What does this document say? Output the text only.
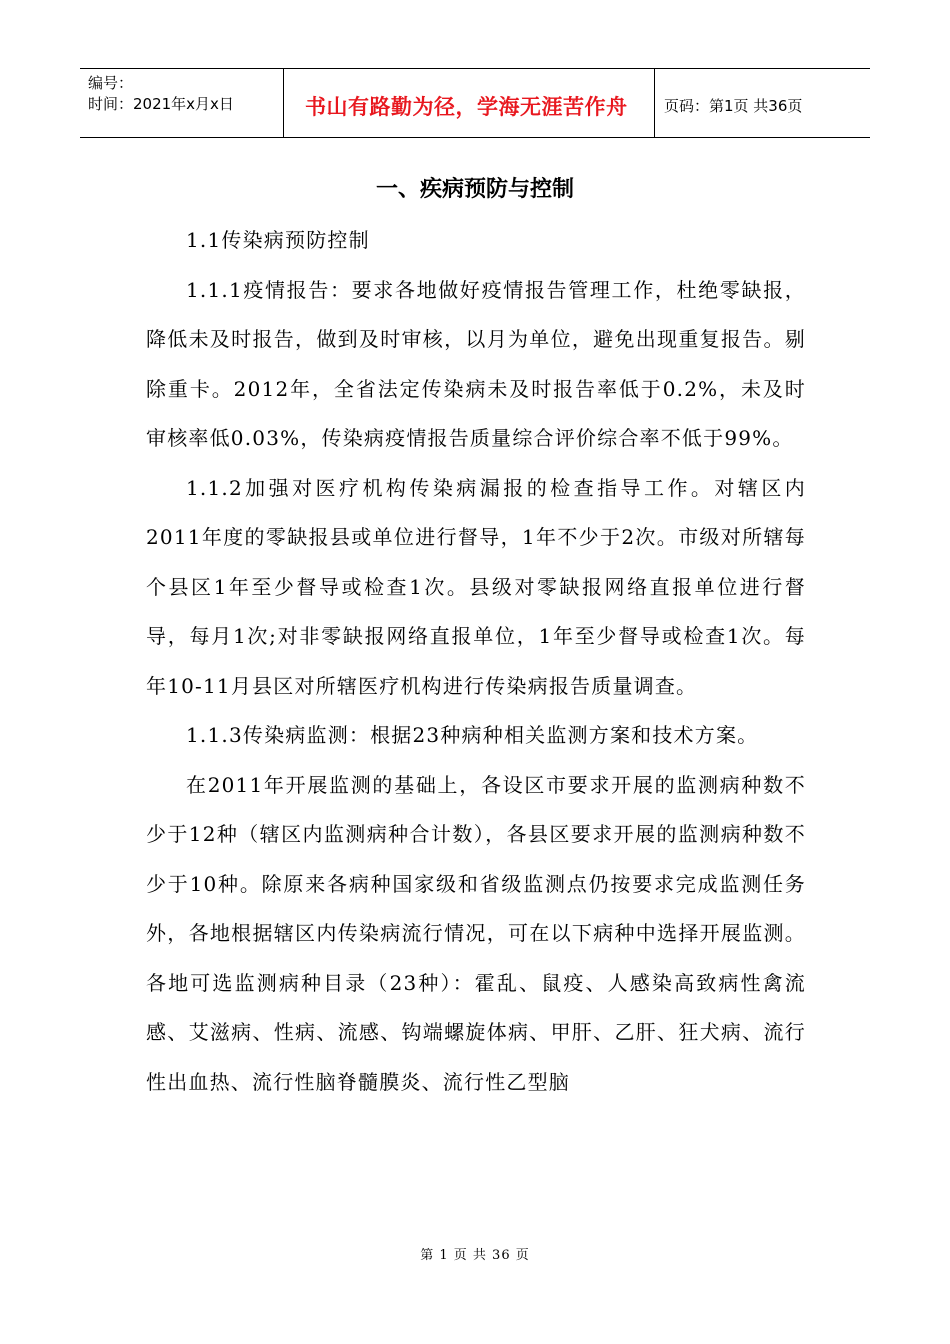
编号：
时间：2021年x月x日	书山有路勤为径，学海无涯苦作舟 页码：第1页 共36页
一、疾病预防与控制

1.1传染病预防控制

1.1.1疫情报告：要求各地做好疫情报告管理工作，杜绝零缺报，降低未及时报告，做到及时审核，以月为单位，避免出现重复报告。剔除重卡。2012年，全省法定传染病未及时报告率低于0.2%，未及时审核率低0.03%，传染病疫情报告质量综合评价综合率不低于99%。

1.1.2加强对医疗机构传染病漏报的检查指导工作。对辖区内2011年度的零缺报县或单位进行督导，1年不少于2次。市级对所辖每个县区1年至少督导或检查1次。县级对零缺报网络直报单位进行督导，每月1次;对非零缺报网络直报单位，1年至少督导或检查1次。每年10-11月县区对所辖医疗机构进行传染病报告质量调查。

1.1.3传染病监测：根据23种病种相关监测方案和技术方案。

在2011年开展监测的基础上，各设区市要求开展的监测病种数不少于12种（辖区内监测病种合计数），各县区要求开展的监测病种数不少于10种。除原来各病种国家级和省级监测点仍按要求完成监测任务外，各地根据辖区内传染病流行情况，可在以下病种中选择开展监测。各地可选监测病种目录（23种）：霍乱、鼠疫、人感染高致病性禽流感、艾滋病、性病、流感、钩端螺旋体病、甲肝、乙肝、狂犬病、流行性出血热、流行性脑脊髓膜炎、流行性乙型脑

第 1 页 共 36 页
